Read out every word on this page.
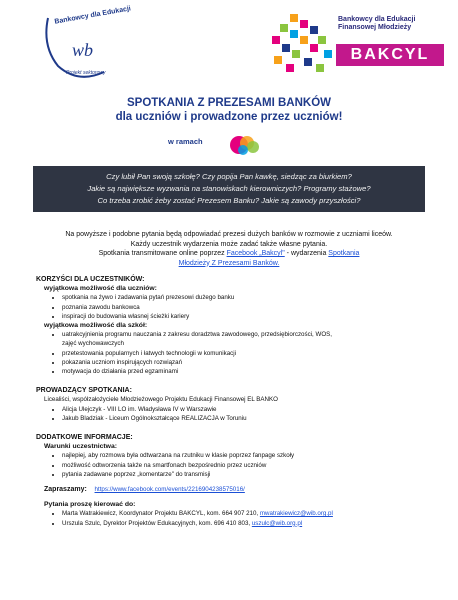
wb
Bankowcy dla Edukacji
Projekt sektorowy
Bankowcy dla Edukacji Finansowej Młodzieży
BAKCYL
SPOTKANIA Z PREZESAMI BANKÓW
dla uczniów i prowadzone przez uczniów!
w ramach
Czy lubił Pan swoją szkołę? Czy popija Pan kawkę, siedząc za biurkiem?
Jakie są największe wyzwania na stanowiskach kierowniczych? Programy stażowe?
Co trzeba zrobić żeby zostać Prezesem Banku? Jakie są zawody przyszłości?
Na powyższe i podobne pytania będą odpowiadać prezesi dużych banków w rozmowie z uczniami liceów.
Każdy uczestnik wydarzenia może zadać także własne pytania.
Spotkania transmitowane online poprzez Facebook „Bakcyl" - wydarzenia Spotkania Młodzieży Z Prezesami Banków.
KORZYŚCI DLA UCZESTNIKÓW:
wyjątkowa możliwość dla uczniów:
• spotkania na żywo i zadawania pytań prezesowi dużego banku
• poznania zawodu bankowca
• inspiracji do budowania własnej ścieżki kariery
wyjątkowa możliwość dla szkół:
• uatrakcyjnienia programu nauczania z zakresu doradztwa zawodowego, przedsiębiorczości, WOS,
zajęć wychowawczych
• przetestowania popularnych i łatwych technologii w komunikacji
• pokazania uczniom inspirujących rozwiązań
• motywacja do działania przed egzaminami
PROWADZĄCY SPOTKANIA:
Licealiści, współzałożyciele Młodzieżowego Projektu Edukacji Finansowej EL BANKO
• Alicja Ulejczyk - VIII LO im. Władysława IV w Warszawie
• Jakub Bladziak - Liceum Ogólnokształcące REALIZACJA w Toruniu
DODATKOWE INFORMACJE:
Warunki uczestnictwa:
• najlepiej, aby rozmowa była odtwarzana na rzutniku w klasie poprzez fanpage szkoły
• możliwość odtworzenia także na smartfonach bezpośrednio przez uczniów
• pytania zadawane poprzez „komentarze" do transmisji
Zapraszamy: https://www.facebook.com/events/2216904238575016/
Pytania proszę kierować do:
• Marta Watrakiewicz, Koordynator Projektu BAKCYL, kom. 664 907 210, mwatrakiewicz@wib.org.pl
• Urszula Szulc, Dyrektor Projektów Edukacyjnych, kom. 696 410 803, uszulc@wib.org.pl
